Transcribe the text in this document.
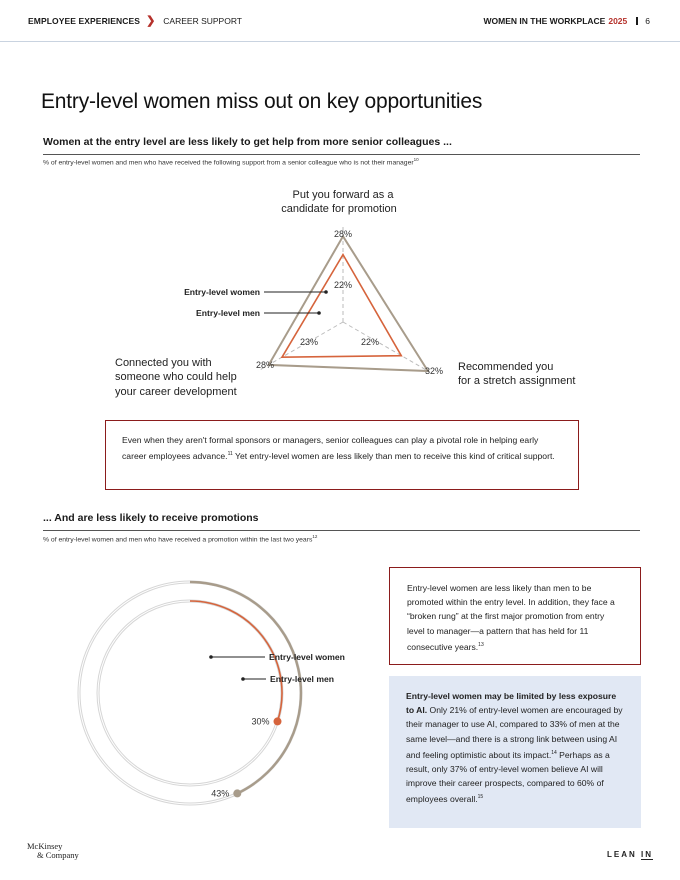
EMPLOYEE EXPERIENCES ❯ CAREER SUPPORT	WOMEN IN THE WORKPLACE 2025 6
Entry-level women miss out on key opportunities
Women at the entry level are less likely to get help from more senior colleagues ...
% of entry-level women and men who have received the following support from a senior colleague who is not their manager$^{10}$
Put you forward as a
candidate for promotion
Recommended you
for a stretch assignment
Connected you with
someone who could help
your career development
28%
32%
28%
22%
22%
23%
Entry-level women
Entry-level men
Even when they aren't formal sponsors or managers, senior colleagues can play a pivotal role in helping early career employees advance.$^{11}$ Yet entry-level women are less likely than men to receive this kind of critical support.
... And are less likely to receive promotions
% of entry-level women and men who have received a promotion within the last two years$^{12}$
30%
43%
Entry-level women
Entry-level men
Entry-level women are less likely than men to be promoted within the entry level. In addition, they face a “broken rung” at the first major promotion from entry level to manager—a pattern that has held for 11 consecutive years.$^{13}$
Entry-level women may be limited by less exposure to AI. Only 21% of entry-level women are encouraged by their manager to use AI, compared to 33% of men at the same level—and there is a strong link between using AI and feeling optimistic about its impact.$^{14}$ Perhaps as a result, only 37% of entry-level women believe AI will improve their career prospects, compared to 60% of employees overall.$^{15}$
McKinsey
& Company	LEAN IN
